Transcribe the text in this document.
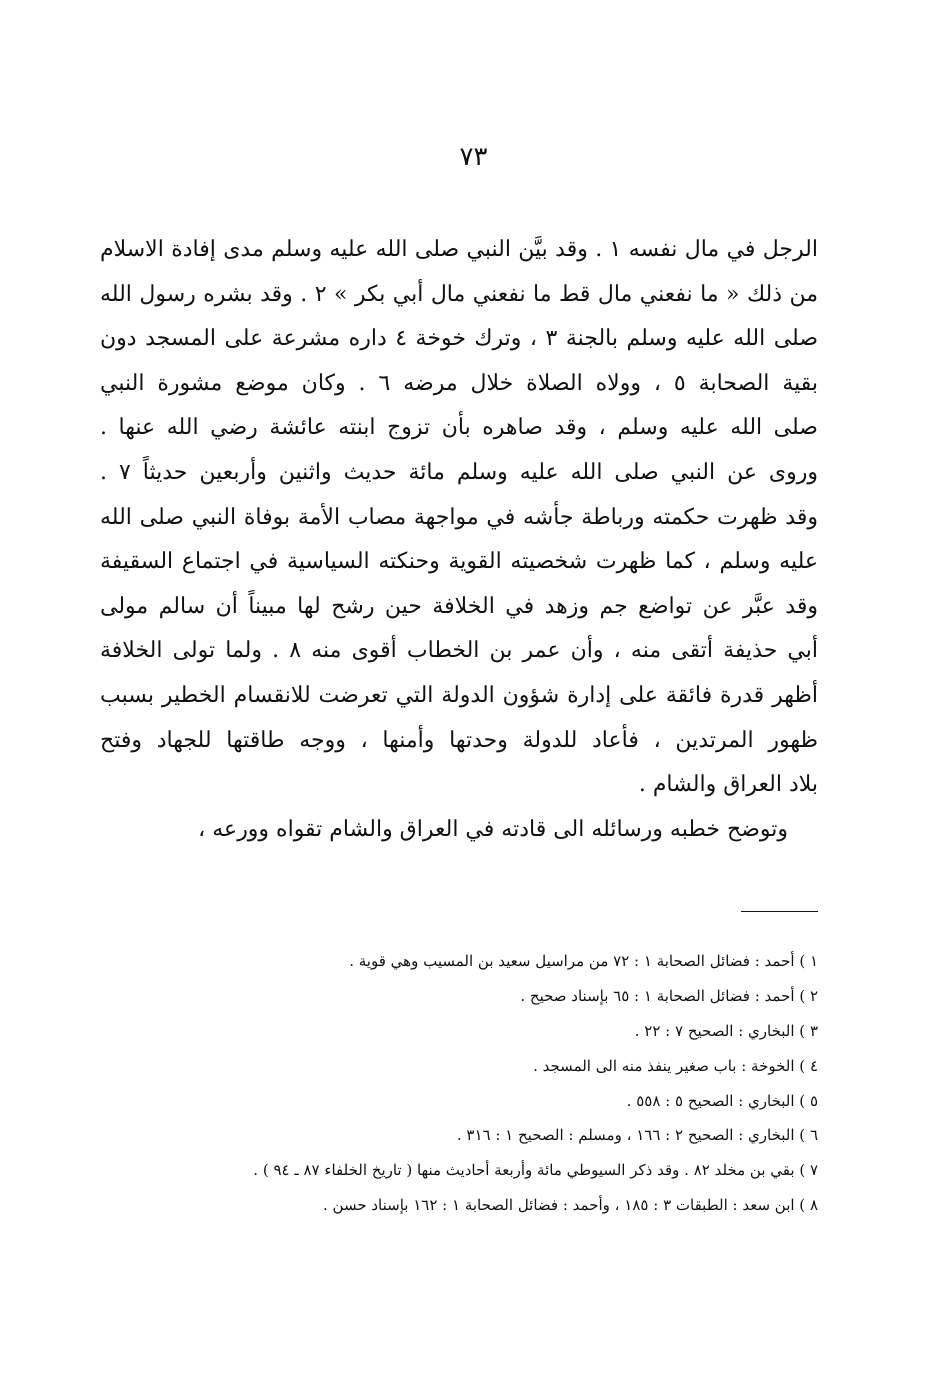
٧٣
الرجل في مال نفسه ١ . وقد بيَّن النبي صلى الله عليه وسلم مدى إفادة الاسلام
من ذلك « ما نفعني مال قط ما نفعني مال أبي بكر » ٢ . وقد بشره رسول الله
صلى الله عليه وسلم بالجنة ٣ ، وترك خوخة ٤ داره مشرعة على المسجد دون
بقية الصحابة ٥ ، وولاه الصلاة خلال مرضه ٦ . وكان موضع مشورة النبي
صلى الله عليه وسلم ، وقد صاهره بأن تزوج ابنته عائشة رضي الله عنها .
وروى عن النبي صلى الله عليه وسلم مائة حديث واثنين وأربعين حديثاً ٧ .
وقد ظهرت حكمته ورباطة جأشه في مواجهة مصاب الأمة بوفاة النبي صلى الله
عليه وسلم ، كما ظهرت شخصيته القوية وحنكته السياسية في اجتماع السقيفة
وقد عبَّر عن تواضع جم وزهد في الخلافة حين رشح لها مبيناً أن سالم مولى
أبي حذيفة أتقى منه ، وأن عمر بن الخطاب أقوى منه ٨ . ولما تولى الخلافة
أظهر قدرة فائقة على إدارة شؤون الدولة التي تعرضت للانقسام الخطير بسبب
ظهور المرتدين ، فأعاد للدولة وحدتها وأمنها ، ووجه طاقتها للجهاد وفتح
بلاد العراق والشام .
وتوضح خطبه ورسائله الى قادته في العراق والشام تقواه وورعه ،
١ ) أحمد : فضائل الصحابة ١ : ٧٢ من مراسيل سعيد بن المسيب وهي قوية .
٢ ) أحمد : فضائل الصحابة ١ : ٦٥ بإسناد صحيح .
٣ ) البخاري : الصحيح ٧ : ٢٢ .
٤ ) الخوخة : باب صغير ينفذ منه الى المسجد .
٥ ) البخاري : الصحيح ٥ : ٥٥٨ .
٦ ) البخاري : الصحيح ٢ : ١٦٦ ، ومسلم : الصحيح ١ : ٣١٦ .
٧ ) بقي بن مخلد ٨٢ . وقد ذكر السيوطي مائة وأربعة أحاديث منها ( تاريخ الخلفاء ٨٧ ـ ٩٤ ) .
٨ ) ابن سعد : الطبقات ٣ : ١٨٥ ، وأحمد : فضائل الصحابة ١ : ١٦٢ بإسناد حسن .
